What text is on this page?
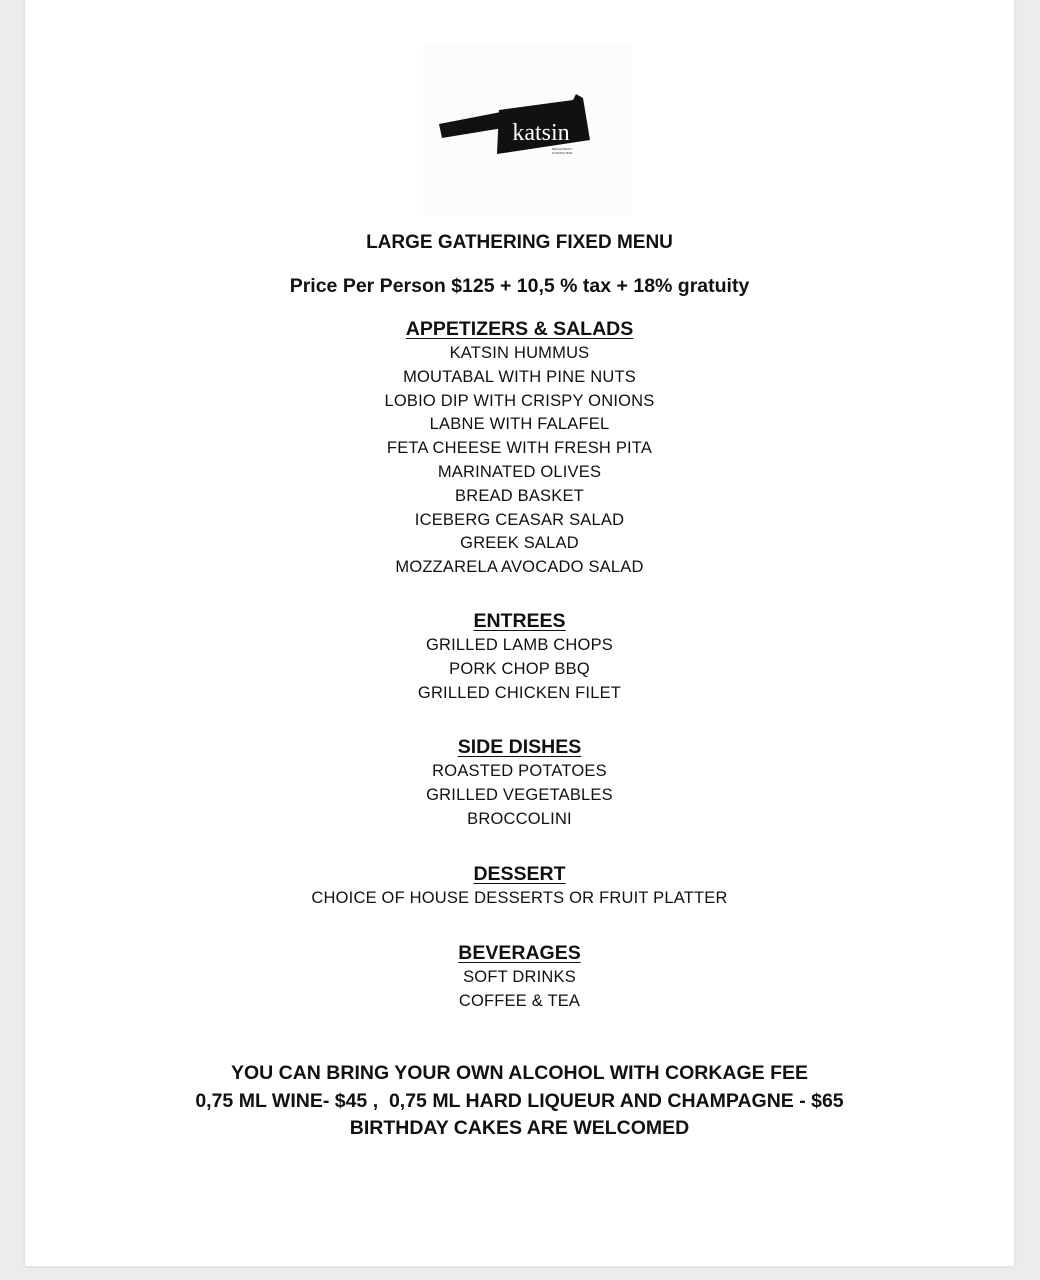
katsin
RESTAURANT
& DINING BAR
LARGE GATHERING FIXED MENU
Price Per Person $125 + 10,5 % tax + 18% gratuity
APPETIZERS & SALADS
KATSIN HUMMUS
MOUTABAL WITH PINE NUTS
LOBIO DIP WITH CRISPY ONIONS
LABNE WITH FALAFEL
FETA CHEESE WITH FRESH PITA
MARINATED OLIVES
BREAD BASKET
ICEBERG CEASAR SALAD
GREEK SALAD
MOZZARELA AVOCADO SALAD
ENTREES
GRILLED LAMB CHOPS
PORK CHOP BBQ
GRILLED CHICKEN FILET
SIDE DISHES
ROASTED POTATOES
GRILLED VEGETABLES
BROCCOLINI
DESSERT
CHOICE OF HOUSE DESSERTS OR FRUIT PLATTER
BEVERAGES
SOFT DRINKS
COFFEE & TEA
YOU CAN BRING YOUR OWN ALCOHOL WITH CORKAGE FEE
0,75 ML WINE- $45 ,  0,75 ML HARD LIQUEUR AND CHAMPAGNE - $65
BIRTHDAY CAKES ARE WELCOMED
